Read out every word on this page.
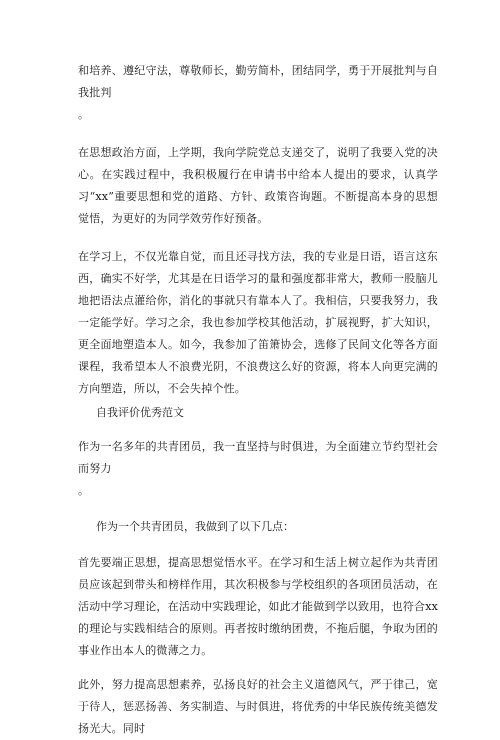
和培养、遵纪守法，尊敬师长，勤劳简朴，团结同学，勇于开展批判与自我批判
。

在思想政治方面，上学期，我向学院党总支递交了，说明了我要入党的决心。在实践过程中，我积极履行在申请书中给本人提出的要求，认真学习“xx”重要思想和党的道路、方针、政策咨询题。不断提高本身的思想觉悟，为更好的为同学效劳作好预备。

在学习上，不仅光靠自觉，而且还寻找方法，我的专业是日语，语言这东西，确实不好学，尤其是在日语学习的量和强度都非常大，教师一股脑儿地把语法点灌给你，消化的事就只有靠本人了。我相信，只要我努力，我一定能学好。学习之余，我也参加学校其他活动，扩展视野，扩大知识，更全面地塑造本人。如今，我参加了笛箫协会，选修了民间文化等各方面课程，我希望本人不浪费光阴，不浪费这么好的资源，将本人向更完满的方向塑造，所以，不会失掉个性。

自我评价优秀范文

作为一名多年的共青团员，我一直坚持与时俱进，为全面建立节约型社会而努力
。

作为一个共青团员，我做到了以下几点：

首先要端正思想，提高思想觉悟水平。在学习和生活上树立起作为共青团员应该起到带头和榜样作用，其次积极参与学校组织的各项团员活动，在活动中学习理论，在活动中实践理论，如此才能做到学以致用，也符合xx的理论与实践相结合的原则。再者按时缴纳团费，不拖后腿，争取为团的事业作出本人的微薄之力。

此外，努力提高思想素养，弘扬良好的社会主义道德风气，严于律己，宽于待人，惩恶扬善、务实制造、与时俱进，将优秀的中华民族传统美德发扬光大。同时
